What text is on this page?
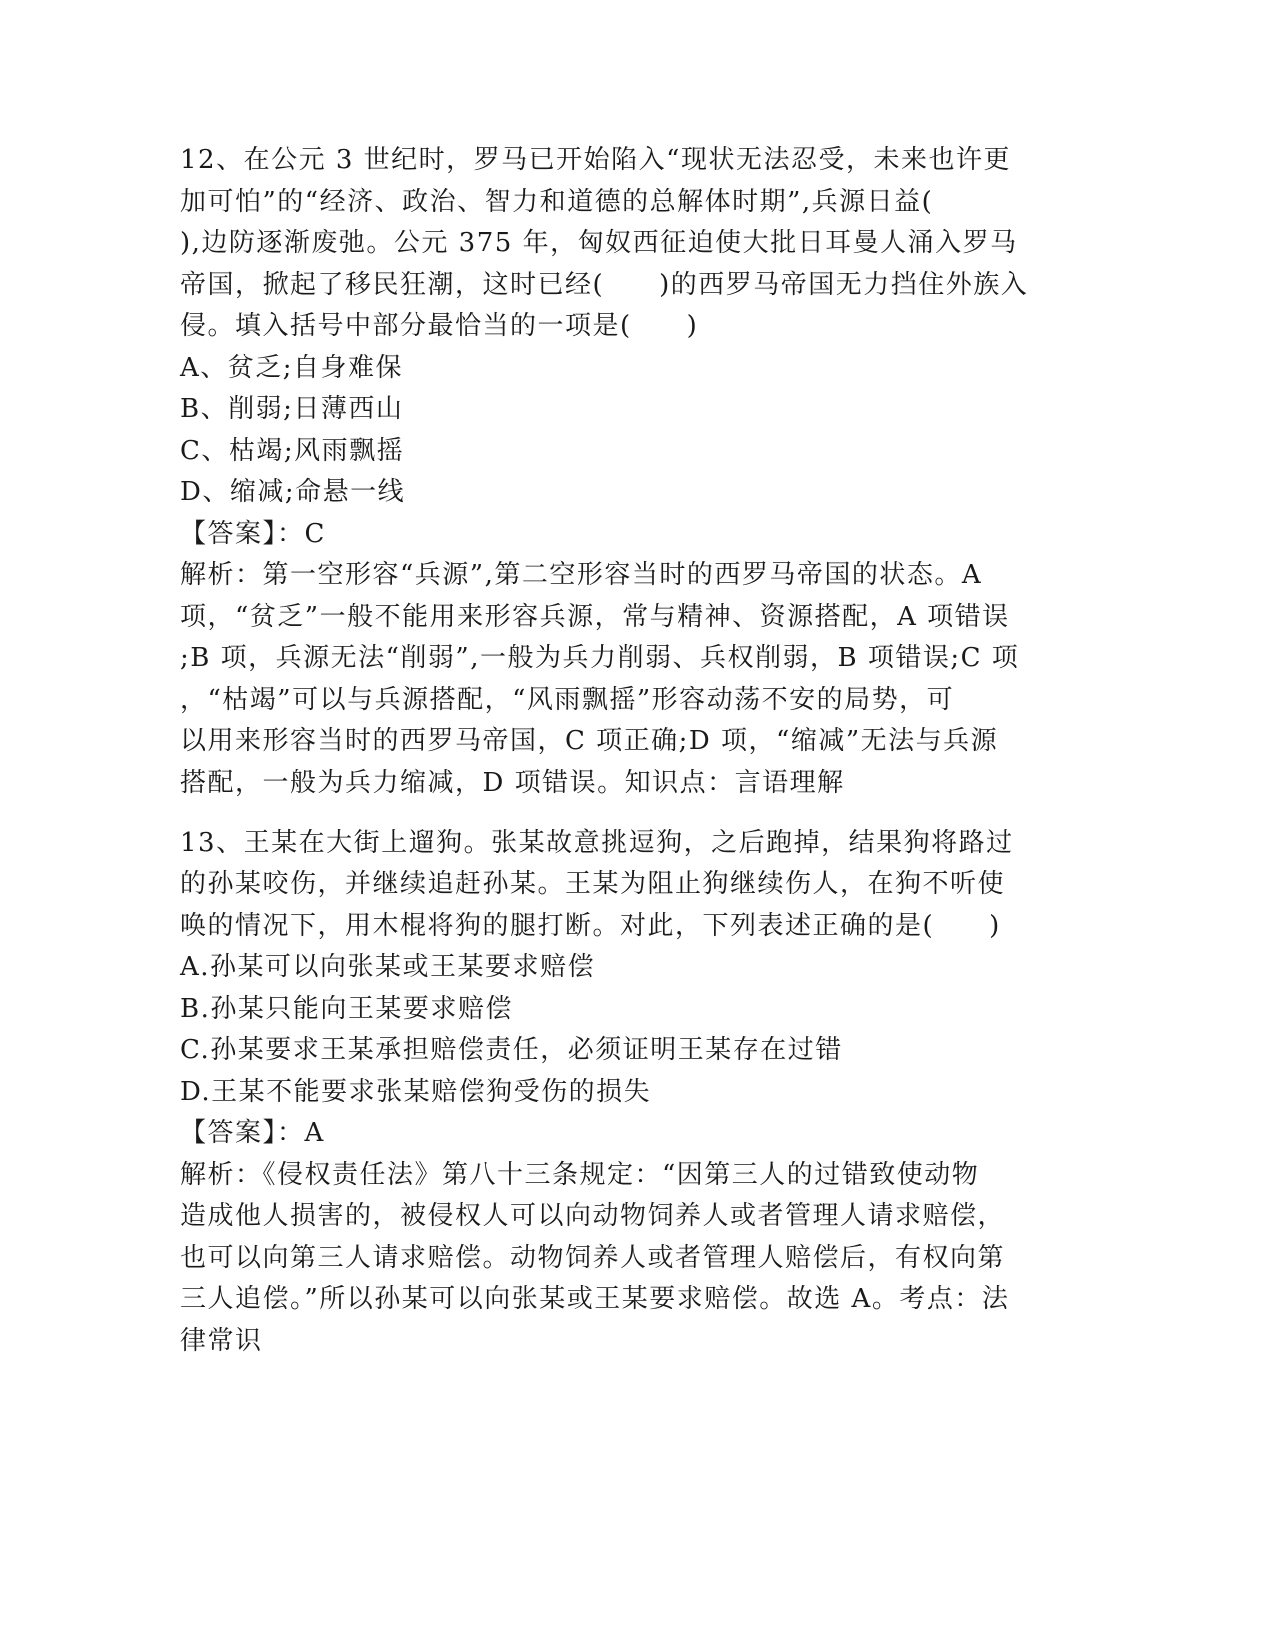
12、在公元 3 世纪时，罗马已开始陷入“现状无法忍受，未来也许更
加可怕”的“经济、政治、智力和道德的总解体时期”,兵源日益(
),边防逐渐废弛。公元 375 年，匈奴西征迫使大批日耳曼人涌入罗马
帝国，掀起了移民狂潮，这时已经(　　)的西罗马帝国无力挡住外族入
侵。填入括号中部分最恰当的一项是(　　)
A、贫乏;自身难保
B、削弱;日薄西山
C、枯竭;风雨飘摇
D、缩减;命悬一线
【答案】：C
解析：第一空形容“兵源”,第二空形容当时的西罗马帝国的状态。A
项，“贫乏”一般不能用来形容兵源，常与精神、资源搭配，A 项错误
;B 项，兵源无法“削弱”,一般为兵力削弱、兵权削弱，B 项错误;C 项
，“枯竭”可以与兵源搭配，“风雨飘摇”形容动荡不安的局势，可
以用来形容当时的西罗马帝国，C 项正确;D 项，“缩减”无法与兵源
搭配，一般为兵力缩减，D 项错误。知识点：言语理解
13、王某在大街上遛狗。张某故意挑逗狗，之后跑掉，结果狗将路过
的孙某咬伤，并继续追赶孙某。王某为阻止狗继续伤人，在狗不听使
唤的情况下，用木棍将狗的腿打断。对此，下列表述正确的是(　　)
A.孙某可以向张某或王某要求赔偿
B.孙某只能向王某要求赔偿
C.孙某要求王某承担赔偿责任，必须证明王某存在过错
D.王某不能要求张某赔偿狗受伤的损失
【答案】：A
解析：《侵权责任法》第八十三条规定：“因第三人的过错致使动物
造成他人损害的，被侵权人可以向动物饲养人或者管理人请求赔偿，
也可以向第三人请求赔偿。动物饲养人或者管理人赔偿后，有权向第
三人追偿。”所以孙某可以向张某或王某要求赔偿。故选 A。考点：法
律常识
